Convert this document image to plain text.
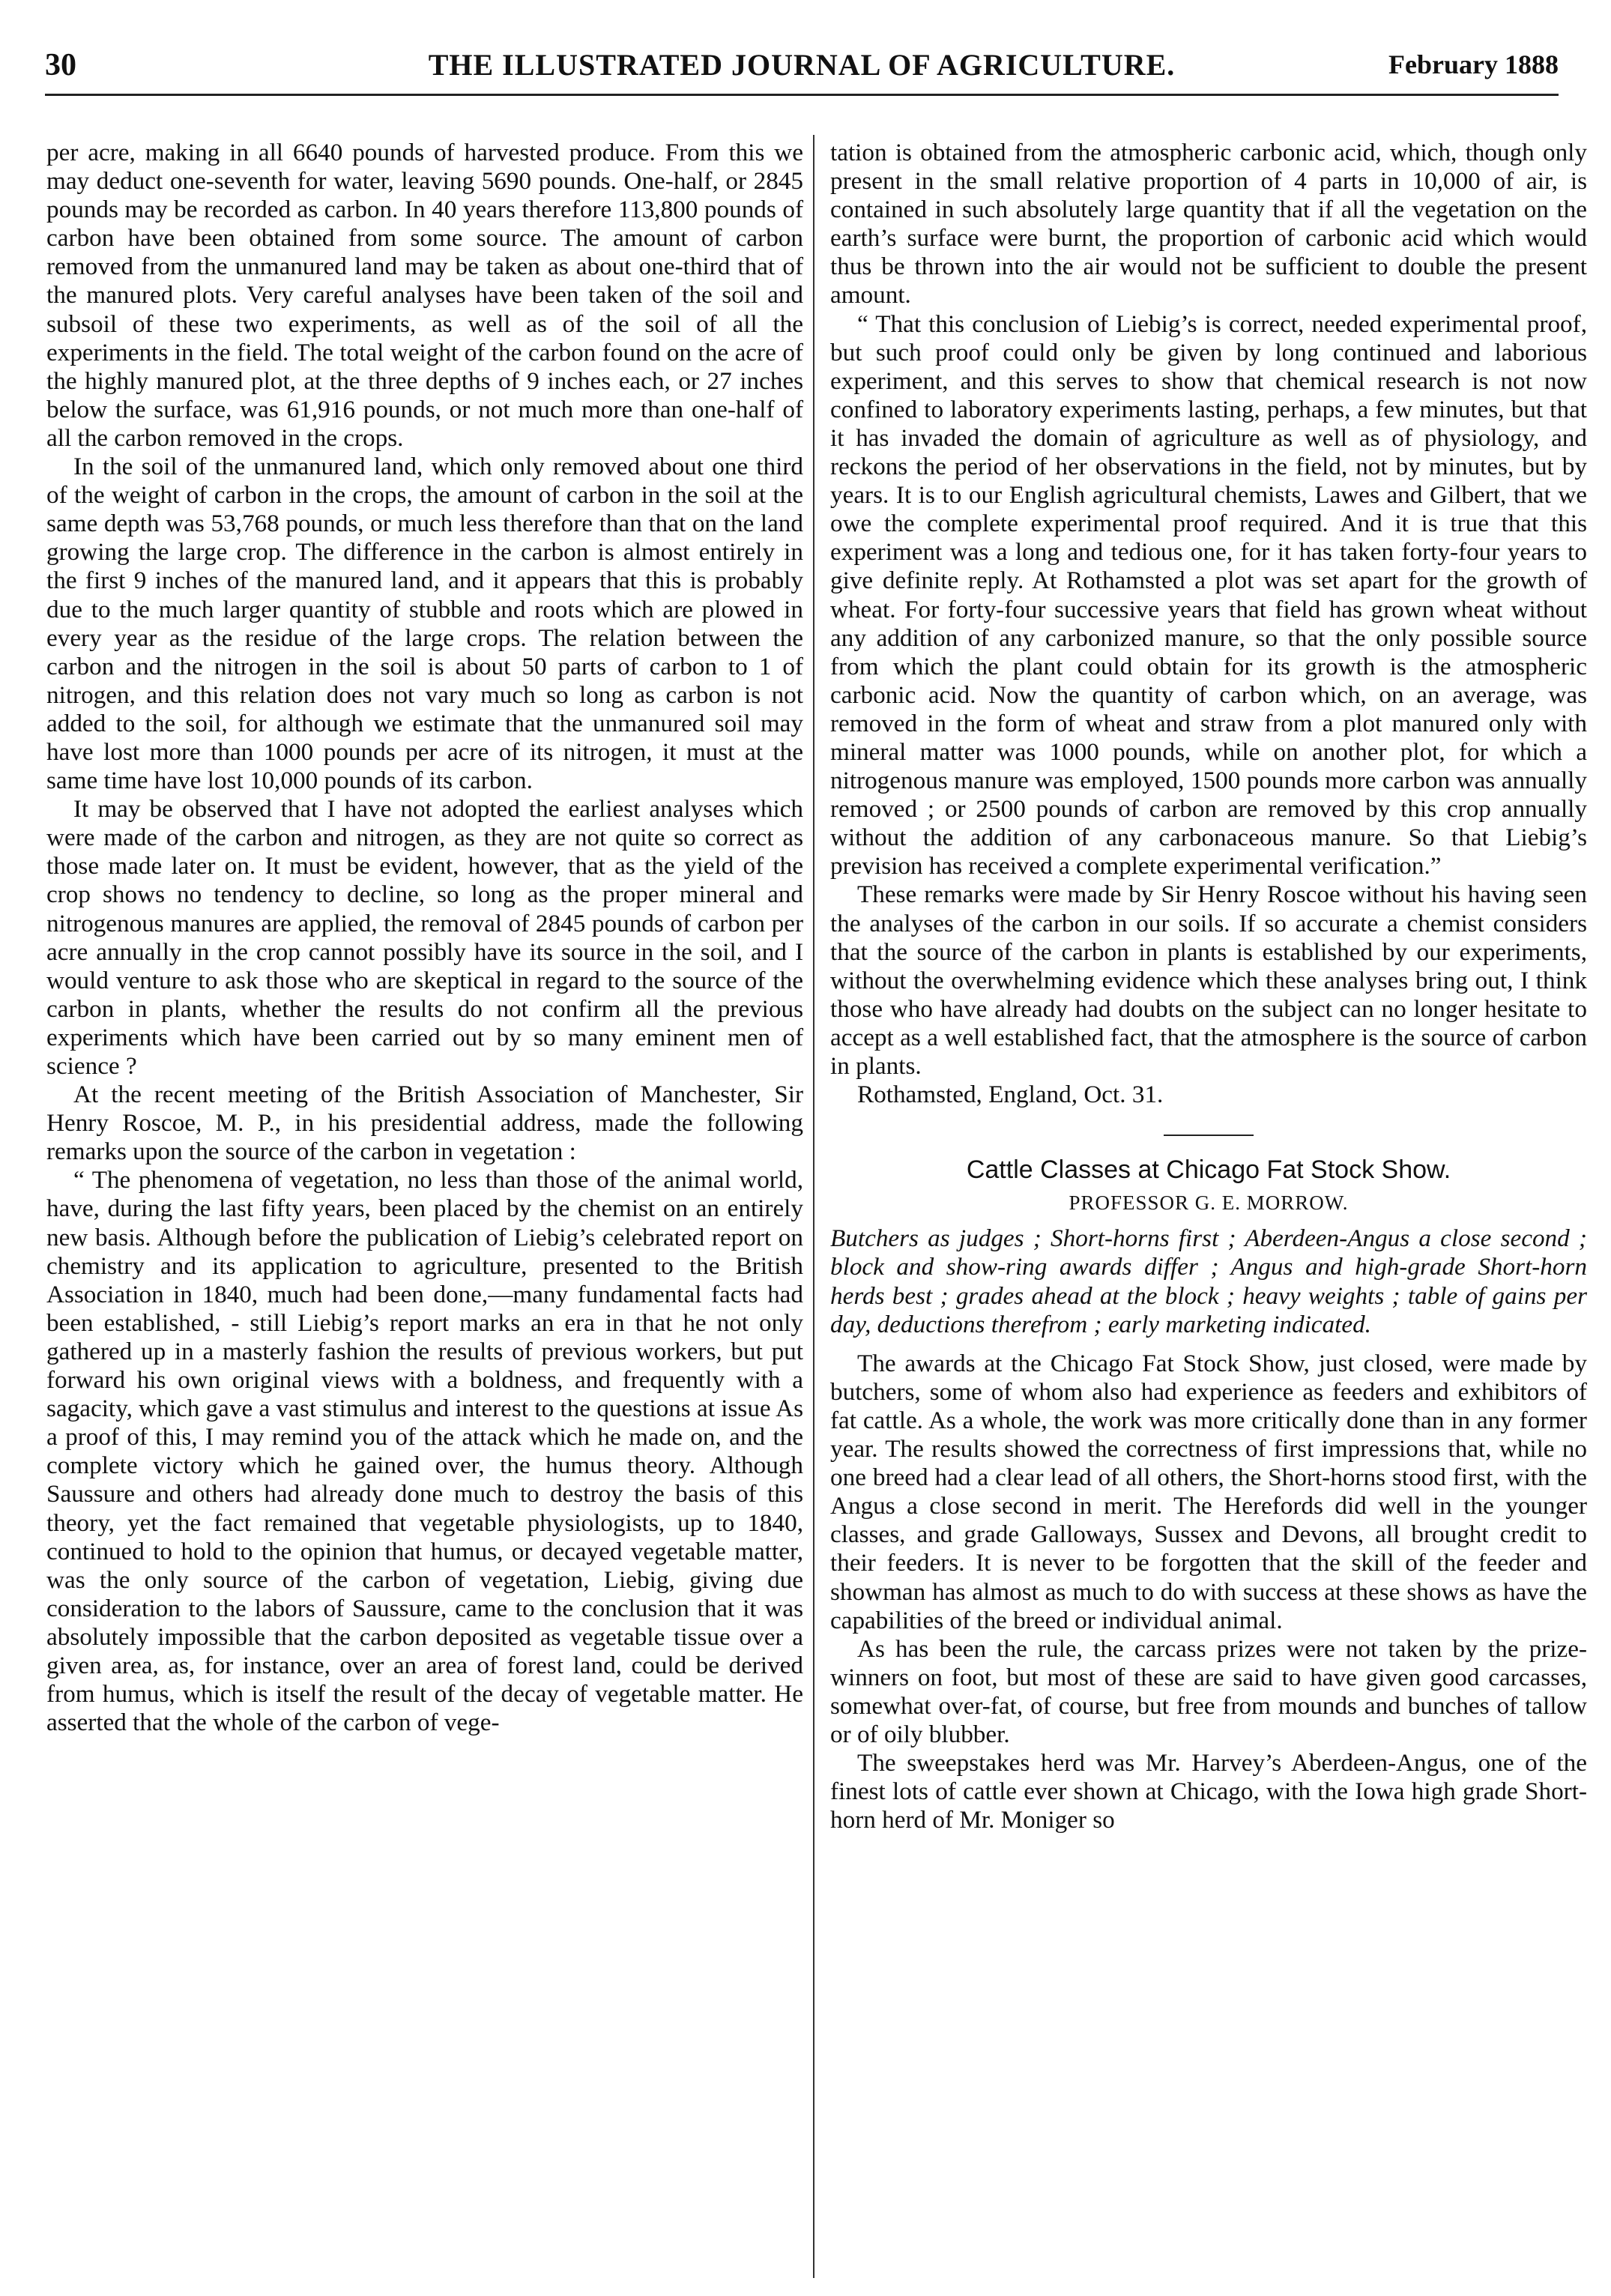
30	THE ILLUSTRATED JOURNAL OF AGRICULTURE.	February 1888

per acre, making in all 6640 pounds of harvested produce. From this we may deduct one-seventh for water, leaving 5690 pounds. One-half, or 2845 pounds may be recorded as carbon. In 40 years therefore 113,800 pounds of carbon have been obtained from some source. The amount of carbon removed from the unmanured land may be taken as about one-third that of the manured plots. Very careful analyses have been taken of the soil and subsoil of these two experiments, as well as of the soil of all the experiments in the field. The total weight of the carbon found on the acre of the highly manured plot, at the three depths of 9 inches each, or 27 inches below the surface, was 61,916 pounds, or not much more than one-half of all the carbon removed in the crops.

In the soil of the unmanured land, which only removed about one third of the weight of carbon in the crops, the amount of carbon in the soil at the same depth was 53,768 pounds, or much less therefore than that on the land growing the large crop. The difference in the carbon is almost entirely in the first 9 inches of the manured land, and it appears that this is probably due to the much larger quantity of stubble and roots which are plowed in every year as the residue of the large crops. The relation between the carbon and the nitrogen in the soil is about 50 parts of carbon to 1 of nitrogen, and this relation does not vary much so long as carbon is not added to the soil, for although we estimate that the unmanured soil may have lost more than 1000 pounds per acre of its nitrogen, it must at the same time have lost 10,000 pounds of its carbon.

It may be observed that I have not adopted the earliest analyses which were made of the carbon and nitrogen, as they are not quite so correct as those made later on. It must be evident, however, that as the yield of the crop shows no tendency to decline, so long as the proper mineral and nitrogenous manures are applied, the removal of 2845 pounds of carbon per acre annually in the crop cannot possibly have its source in the soil, and I would venture to ask those who are skeptical in regard to the source of the carbon in plants, whether the results do not confirm all the previous experiments which have been carried out by so many eminent men of science ?

At the recent meeting of the British Association of Manchester, Sir Henry Roscoe, M. P., in his presidential address, made the following remarks upon the source of the carbon in vegetation :

“ The phenomena of vegetation, no less than those of the animal world, have, during the last fifty years, been placed by the chemist on an entirely new basis. Although before the publication of Liebig’s celebrated report on chemistry and its application to agriculture, presented to the British Association in 1840, much had been done,—many fundamental facts had been established, - still Liebig’s report marks an era in that he not only gathered up in a masterly fashion the results of previous workers, but put forward his own original views with a boldness, and frequently with a sagacity, which gave a vast stimulus and interest to the questions at issue As a proof of this, I may remind you of the attack which he made on, and the complete victory which he gained over, the humus theory. Although Saussure and others had already done much to destroy the basis of this theory, yet the fact remained that vegetable physiologists, up to 1840, continued to hold to the opinion that humus, or decayed vegetable matter, was the only source of the carbon of vegetation, Liebig, giving due consideration to the labors of Saussure, came to the conclusion that it was absolutely impossible that the carbon deposited as vegetable tissue over a given area, as, for instance, over an area of forest land, could be derived from humus, which is itself the result of the decay of vegetable matter. He asserted that the whole of the carbon of vege-

tation is obtained from the atmospheric carbonic acid, which, though only present in the small relative proportion of 4 parts in 10,000 of air, is contained in such absolutely large quantity that if all the vegetation on the earth’s surface were burnt, the proportion of carbonic acid which would thus be thrown into the air would not be sufficient to double the present amount.

“ That this conclusion of Liebig’s is correct, needed experimental proof, but such proof could only be given by long continued and laborious experiment, and this serves to show that chemical research is not now confined to laboratory experiments lasting, perhaps, a few minutes, but that it has invaded the domain of agriculture as well as of physiology, and reckons the period of her observations in the field, not by minutes, but by years. It is to our English agricultural chemists, Lawes and Gilbert, that we owe the complete experimental proof required. And it is true that this experiment was a long and tedious one, for it has taken forty-four years to give definite reply. At Rothamsted a plot was set apart for the growth of wheat. For forty-four successive years that field has grown wheat without any addition of any carbonized manure, so that the only possible source from which the plant could obtain for its growth is the atmospheric carbonic acid. Now the quantity of carbon which, on an average, was removed in the form of wheat and straw from a plot manured only with mineral matter was 1000 pounds, while on another plot, for which a nitrogenous manure was employed, 1500 pounds more carbon was annually removed ; or 2500 pounds of carbon are removed by this crop annually without the addition of any carbonaceous manure. So that Liebig’s prevision has received a complete experimental verification.”

These remarks were made by Sir Henry Roscoe without his having seen the analyses of the carbon in our soils. If so accurate a chemist considers that the source of the carbon in plants is established by our experiments, without the overwhelming evidence which these analyses bring out, I think those who have already had doubts on the subject can no longer hesitate to accept as a well established fact, that the atmosphere is the source of carbon in plants.

Rothamsted, England, Oct. 31.

Cattle Classes at Chicago Fat Stock Show.
PROFESSOR G. E. MORROW.

Butchers as judges ; Short-horns first ; Aberdeen-Angus a close second ; block and show-ring awards differ ; Angus and high-grade Short-horn herds best ; grades ahead at the block ; heavy weights ; table of gains per day, deductions therefrom ; early marketing indicated.

The awards at the Chicago Fat Stock Show, just closed, were made by butchers, some of whom also had experience as feeders and exhibitors of fat cattle. As a whole, the work was more critically done than in any former year. The results showed the correctness of first impressions that, while no one breed had a clear lead of all others, the Short-horns stood first, with the Angus a close second in merit. The Herefords did well in the younger classes, and grade Galloways, Sussex and Devons, all brought credit to their feeders. It is never to be forgotten that the skill of the feeder and showman has almost as much to do with success at these shows as have the capabilities of the breed or individual animal.

As has been the rule, the carcass prizes were not taken by the prize-winners on foot, but most of these are said to have given good carcasses, somewhat over-fat, of course, but free from mounds and bunches of tallow or of oily blubber.

The sweepstakes herd was Mr. Harvey’s Aberdeen-Angus, one of the finest lots of cattle ever shown at Chicago, with the Iowa high grade Short-horn herd of Mr. Moniger so
